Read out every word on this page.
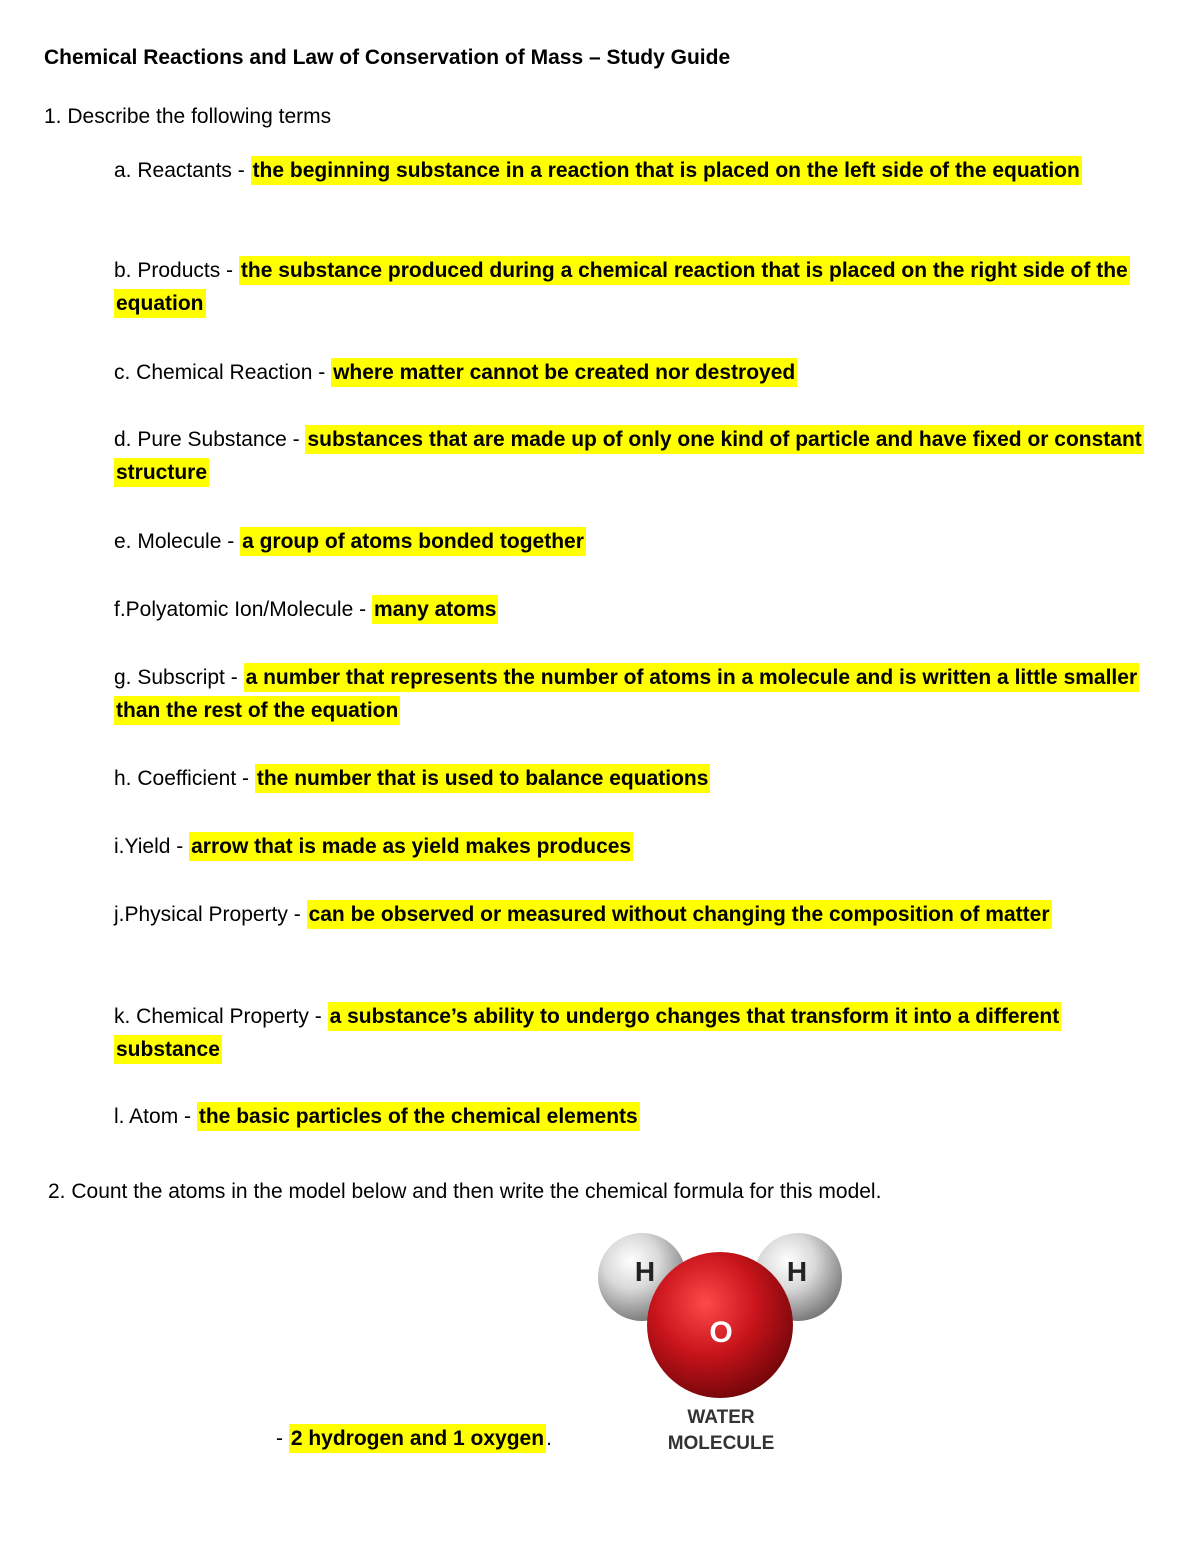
Chemical Reactions and Law of Conservation of Mass – Study Guide
1. Describe the following terms
a. Reactants - the beginning substance in a reaction that is placed on the left side of the equation
b. Products - the substance produced during a chemical reaction that is placed on the right side of the equation
c. Chemical Reaction - where matter cannot be created nor destroyed
d. Pure Substance - substances that are made up of only one kind of particle and have fixed or constant structure
e. Molecule - a group of atoms bonded together
f.Polyatomic Ion/Molecule - many atoms
g. Subscript - a number that represents the number of atoms in a molecule and is written a little smaller than the rest of the equation
h. Coefficient - the number that is used to balance equations
i.Yield - arrow that is made as yield makes produces
j.Physical Property - can be observed or measured without changing the composition of matter
k. Chemical Property - a substance’s ability to undergo changes that transform it into a different substance
l. Atom - the basic particles of the chemical elements
2. Count the atoms in the model below and then write the chemical formula for this model.
H	H
O
WATER
MOLECULE
- 2 hydrogen and 1 oxygen.
